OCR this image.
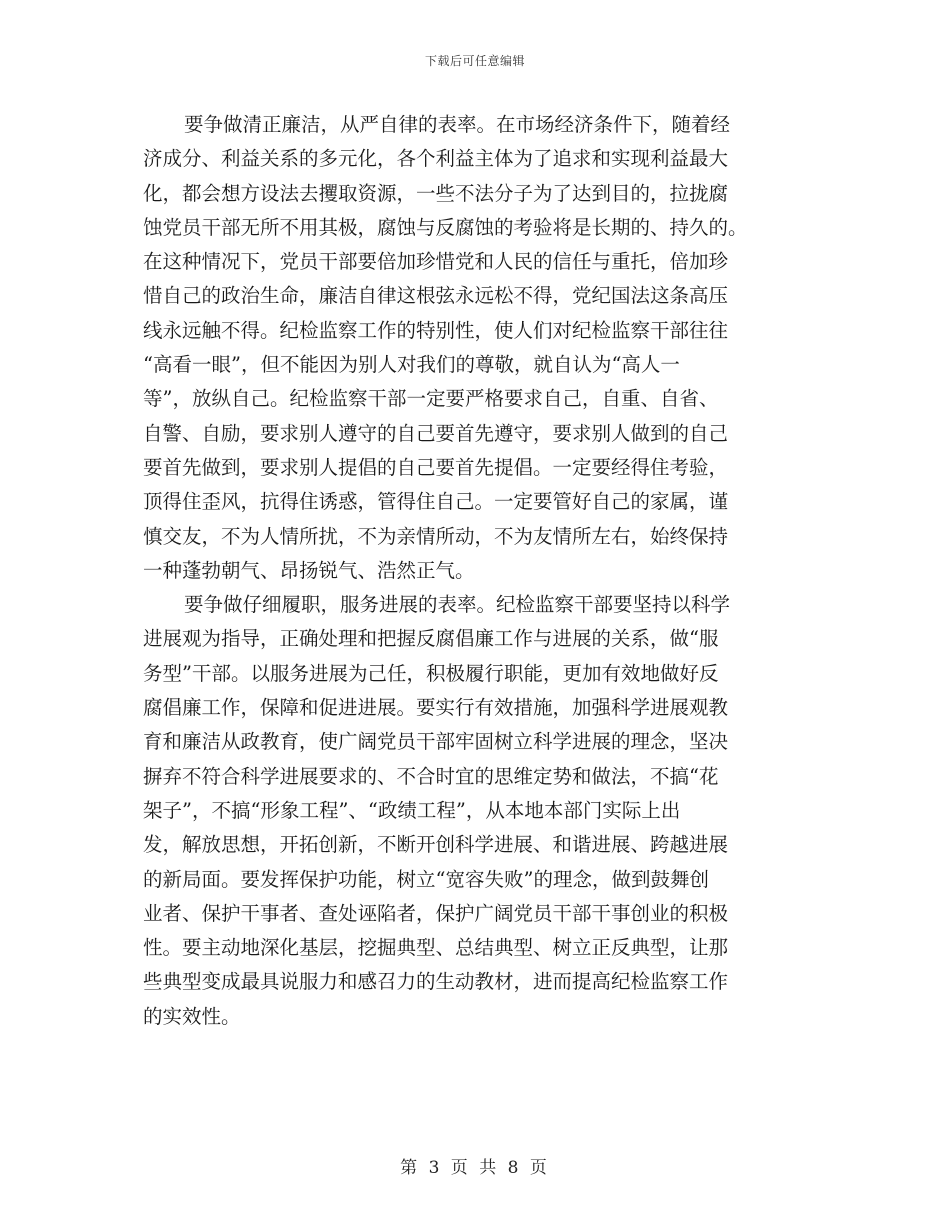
下载后可任意编辑
要争做清正廉洁，从严自律的表率。在市场经济条件下，随着经
济成分、利益关系的多元化，各个利益主体为了追求和实现利益最大
化，都会想方设法去攫取资源，一些不法分子为了达到目的，拉拢腐
蚀党员干部无所不用其极，腐蚀与反腐蚀的考验将是长期的、持久的。
在这种情况下，党员干部要倍加珍惜党和人民的信任与重托，倍加珍
惜自己的政治生命，廉洁自律这根弦永远松不得，党纪国法这条高压
线永远触不得。纪检监察工作的特别性，使人们对纪检监察干部往往
“高看一眼”，但不能因为别人对我们的尊敬，就自认为“高人一
等”，放纵自己。纪检监察干部一定要严格要求自己，自重、自省、
自警、自励，要求别人遵守的自己要首先遵守，要求别人做到的自己
要首先做到，要求别人提倡的自己要首先提倡。一定要经得住考验，
顶得住歪风，抗得住诱惑，管得住自己。一定要管好自己的家属，谨
慎交友，不为人情所扰，不为亲情所动，不为友情所左右，始终保持
一种蓬勃朝气、昂扬锐气、浩然正气。
要争做仔细履职，服务进展的表率。纪检监察干部要坚持以科学
进展观为指导，正确处理和把握反腐倡廉工作与进展的关系，做“服
务型”干部。以服务进展为己任，积极履行职能，更加有效地做好反
腐倡廉工作，保障和促进进展。要实行有效措施，加强科学进展观教
育和廉洁从政教育，使广阔党员干部牢固树立科学进展的理念，坚决
摒弃不符合科学进展要求的、不合时宜的思维定势和做法，不搞“花
架子”，不搞“形象工程”、“政绩工程”，从本地本部门实际上出
发，解放思想，开拓创新，不断开创科学进展、和谐进展、跨越进展
的新局面。要发挥保护功能，树立“宽容失败”的理念，做到鼓舞创
业者、保护干事者、查处诬陷者，保护广阔党员干部干事创业的积极
性。要主动地深化基层，挖掘典型、总结典型、树立正反典型，让那
些典型变成最具说服力和感召力的生动教材，进而提高纪检监察工作
的实效性。
第 3 页 共 8 页
